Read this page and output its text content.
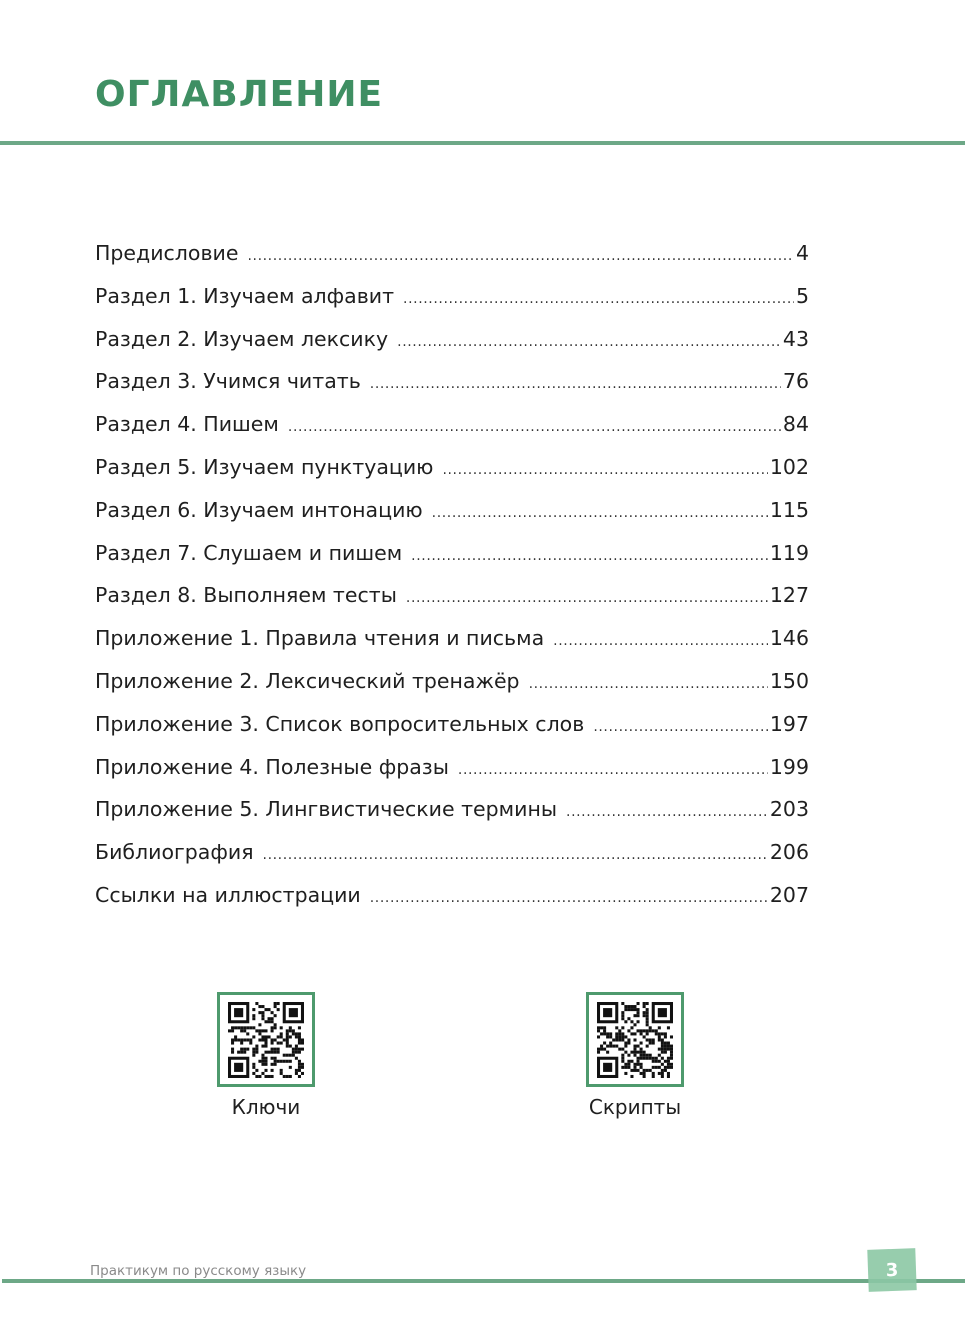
ОГЛАВЛЕНИЕ
Предисловие .....	4
Раздел 1. Изучаем алфавит .....	5
Раздел 2. Изучаем лексику .....	43
Раздел 3. Учимся читать .....	76
Раздел 4. Пишем .....	84
Раздел 5. Изучаем пунктуацию .....	102
Раздел 6. Изучаем интонацию .....	115
Раздел 7. Слушаем и пишем .....	119
Раздел 8. Выполняем тесты .....	127
Приложение 1. Правила чтения и письма .....	146
Приложение 2. Лексический тренажёр .....	150
Приложение 3. Список вопросительных слов .....	197
Приложение 4. Полезные фразы .....	199
Приложение 5. Лингвистические термины .....	203
Библиография .....	206
Ссылки на иллюстрации .....	207
Ключи	Скрипты
Практикум по русскому языку	3
